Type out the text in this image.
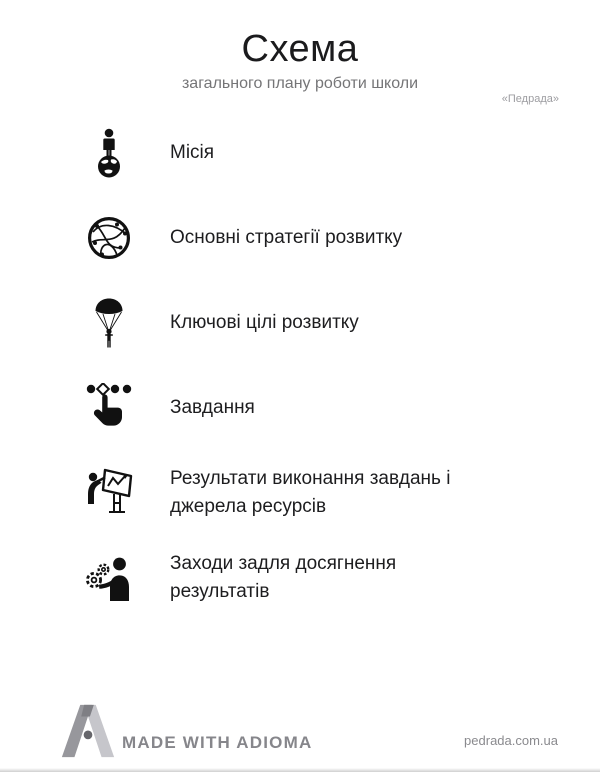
Схема
загального плану роботи школи
«Педрада»
Місія
Основні стратегії розвитку
Ключові цілі розвитку
Завдання
Результати виконання завдань і джерела ресурсів
Заходи задля досягнення результатів
MADE WITH ADIOMA	pedrada.com.ua
